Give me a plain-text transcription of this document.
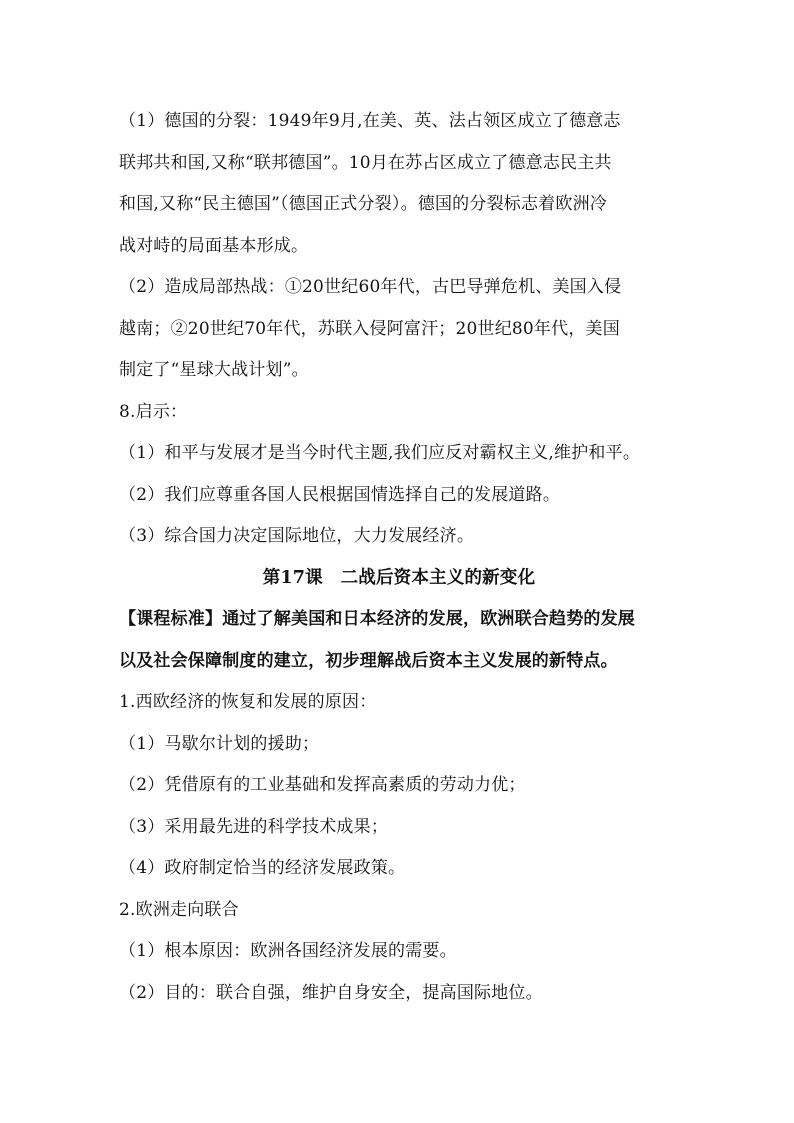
（1）德国的分裂：1949年9月,在美、英、法占领区成立了德意志
联邦共和国,又称“联邦德国”。10月在苏占区成立了德意志民主共
和国,又称“民主德国”（德国正式分裂）。德国的分裂标志着欧洲冷
战对峙的局面基本形成。
（2）造成局部热战：①20世纪60年代，古巴导弹危机、美国入侵
越南；②20世纪70年代，苏联入侵阿富汗；20世纪80年代，美国
制定了“星球大战计划”。
8.启示：
（1）和平与发展才是当今时代主题,我们应反对霸权主义,维护和平。
（2）我们应尊重各国人民根据国情选择自己的发展道路。
（3）综合国力决定国际地位，大力发展经济。
第17课　二战后资本主义的新变化
【课程标准】通过了解美国和日本经济的发展，欧洲联合趋势的发展
以及社会保障制度的建立，初步理解战后资本主义发展的新特点。
1.西欧经济的恢复和发展的原因：
（1）马歇尔计划的援助；
（2）凭借原有的工业基础和发挥高素质的劳动力优；
（3）采用最先进的科学技术成果；
（4）政府制定恰当的经济发展政策。
2.欧洲走向联合
（1）根本原因：欧洲各国经济发展的需要。
（2）目的：联合自强，维护自身安全，提高国际地位。
